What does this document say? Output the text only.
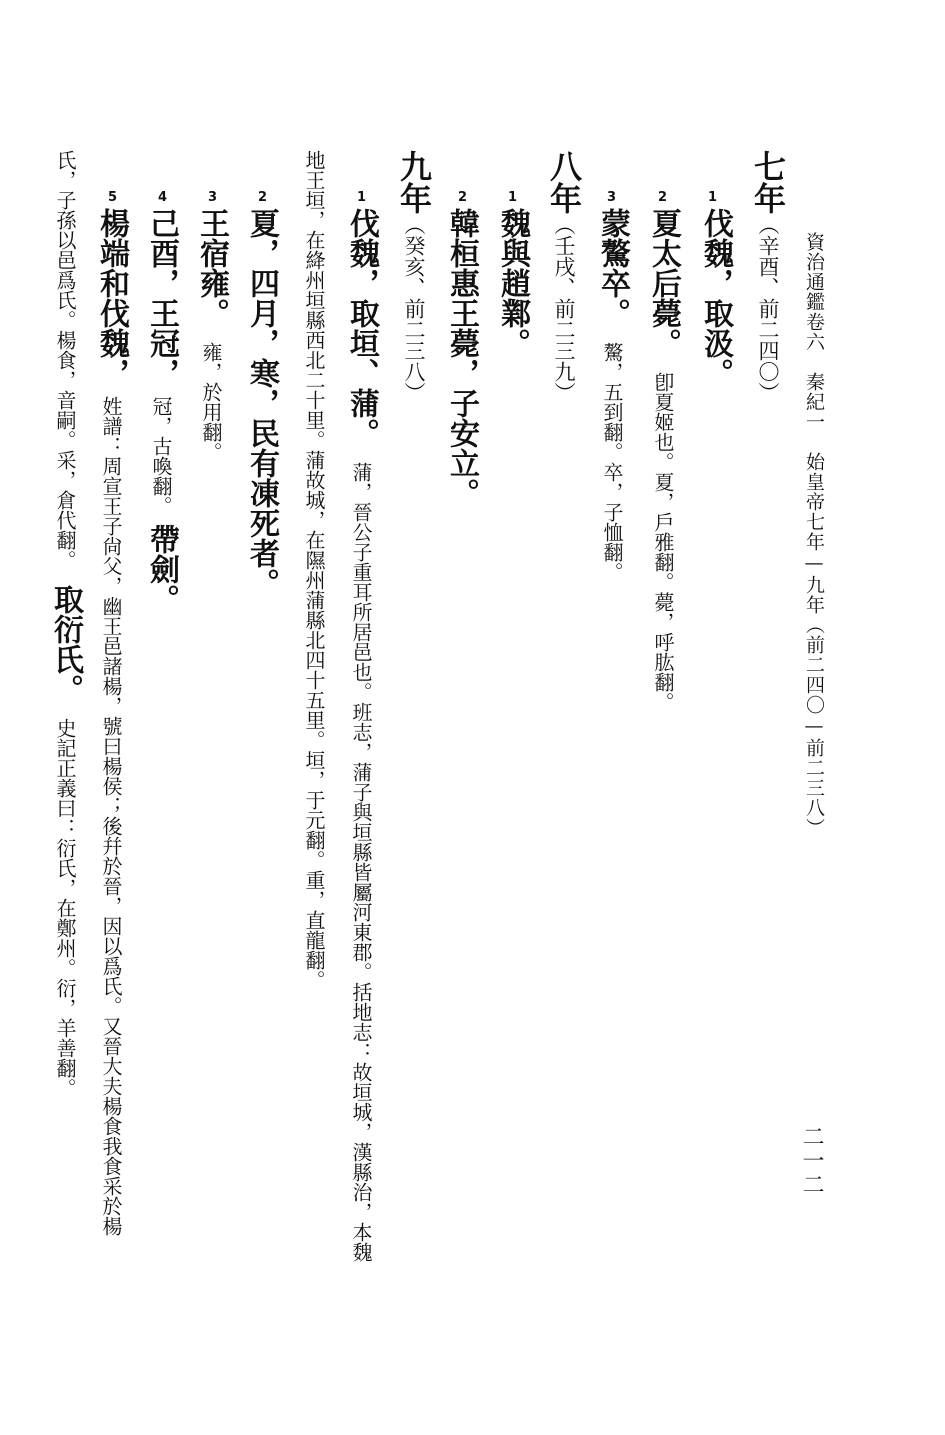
資治通鑑卷六　秦紀一　始皇帝七年—九年（前二四〇—前二三八）
二一二
七年（辛酉、前二四〇）
1
伐魏，取汲。
2
夏太后薨。卽夏姬也。夏，戶雅翻。薨，呼肱翻。
3
蒙驁卒。驁，五到翻。卒，子恤翻。
八年（壬戌、前二三九）
1
魏與趙鄴。
2
韓桓惠王薨，子安立。
九年（癸亥、前二三八）
1
伐魏，取垣、蒲。蒲，晉公子重耳所居邑也。班志，蒲子與垣縣皆屬河東郡。括地志：故垣城，漢縣治，本魏
地王垣，在絳州垣縣西北二十里。蒲故城，在隰州蒲縣北四十五里。垣，于元翻。重，直龍翻。
2
夏，四月，寒，民有凍死者。
3
王宿雍。雍，於用翻。
4
己酉，王冠，冠，古喚翻。帶劍。
5
楊端和伐魏，姓譜：周宣王子尙父，幽王邑諸楊，號曰楊侯；後幷於晉，因以爲氏。又晉大夫楊食我食采於楊
氏，子孫以邑爲氏。楊食，音嗣。采，倉代翻。取衍氏。史記正義曰：衍氏，在鄭州。衍，羊善翻。
